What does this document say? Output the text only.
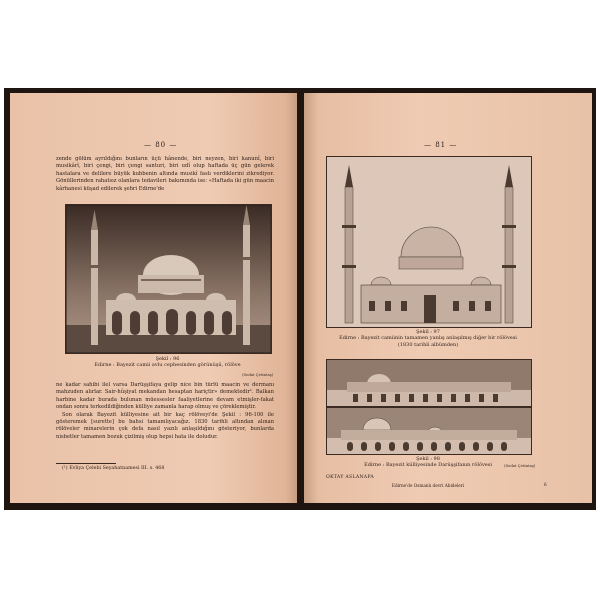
— 80 —

zende gölüm ayrıldığını bunların üçü hânende, biri neyzen, biri kanunî, biri musikârî, biri çengi, biri çengi santuri, biri udî olup haftada üç gün gelerek hastalara ve delilere büyük kubbenin altında musikî faslı verdiklerini zikrediyor. Gönüllerinden rahatsız olanlara tedavileri bakımında ise: «Haftada iki gün maacin kârhanesi küşad edilerek şehri Edirne'de

Şekil : 96
Edirne : Bayezit camii avlu cephesinden görünüşü, rölöve
(Sedat Çetintaş)

ne kadar sahibi ilel varsa Darüşşifaya gelip nice bin türlü maacin ve dermanı mahzuden alırlar. Sair-hûşiyat mekandan hesaptan hariçtir» demektedir¹. Balkan harbine kadar burada bulunan müessesler faaliyetlerine devam etmişler-fakat ondan sonra terkedildiğinden külliye zamanla harap olmuş ve çöreklemiştir.

Son olarak Bayezit külliyesine ait bir kaç rölöveyi'de Şekil : 96-100 ile gösteremek [surette] bu bahsi tamamlıyacağız. 1830 tarihli altından alınan rölöveler minarelerin çok defa nasıl yazılı anlaşıldığını gösteriyor, bunlarda nisbetler tamamen bozuk çizilmiş olup hepsi hata ile doludur.

(¹) Evliya Çelebi Seyahatnamesi III. s. 468
— 81 —
Şekil : 97
Edirne : Bayezit camiinin tamamen yanlış anlaşılmış diğer bir rölövesi
(1830 tarihli albümden)
Şekil : 98
Edirne : Bayezit külliyesinde Darüşşifanın rölövesi	(Sedat Çetintaş)
OKTAY ASLANAPA
Edirne'de Osmanlı devri Abideleri	6
